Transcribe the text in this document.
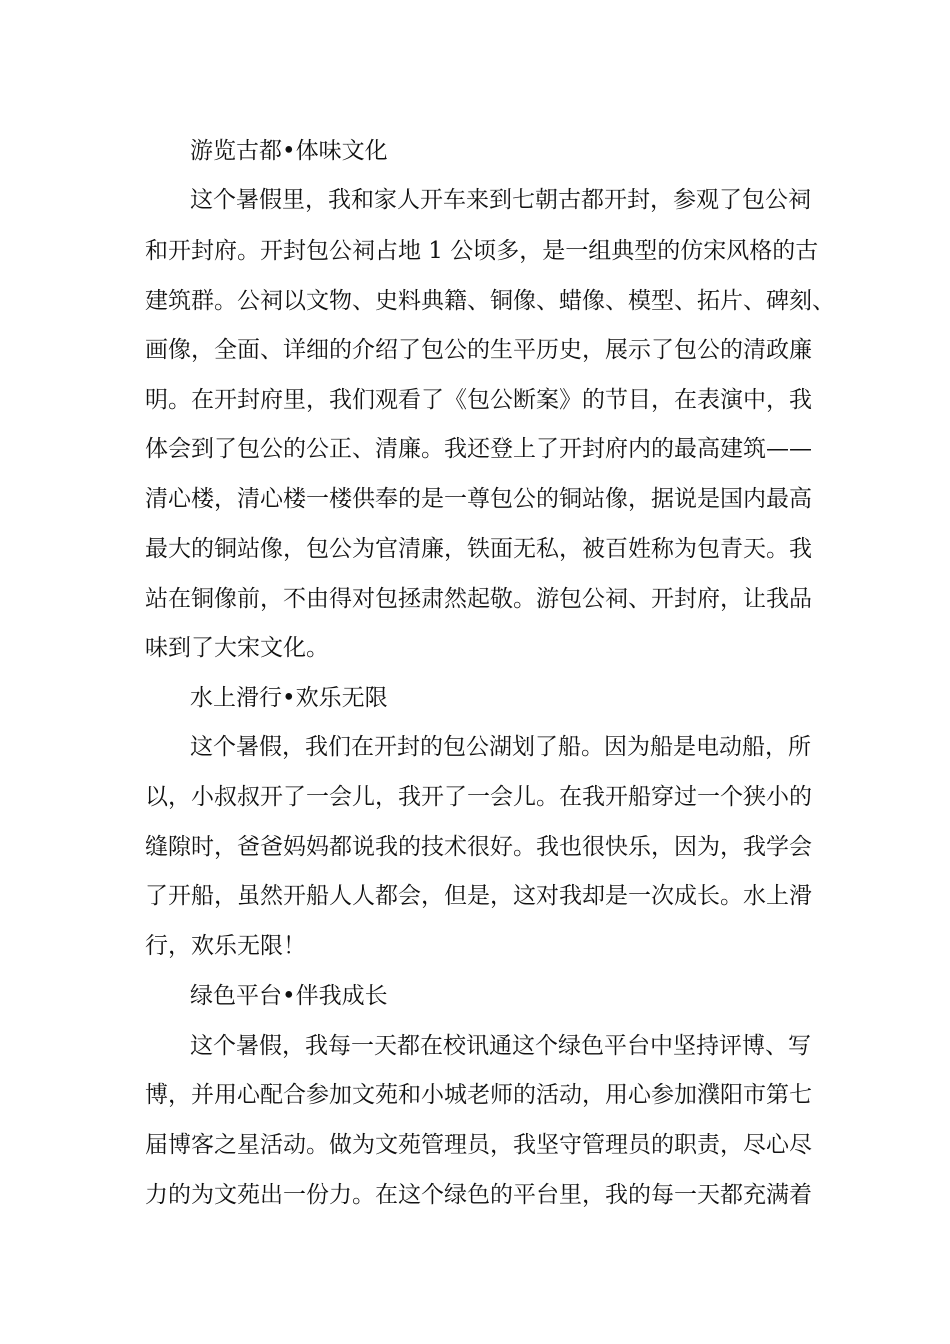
游览古都•体味文化
这个暑假里，我和家人开车来到七朝古都开封，参观了包公祠
和开封府。开封包公祠占地 1 公顷多，是一组典型的仿宋风格的古
建筑群。公祠以文物、史料典籍、铜像、蜡像、模型、拓片、碑刻、
画像，全面、详细的介绍了包公的生平历史，展示了包公的清政廉
明。在开封府里，我们观看了《包公断案》的节目，在表演中，我
体会到了包公的公正、清廉。我还登上了开封府内的最高建筑——
清心楼，清心楼一楼供奉的是一尊包公的铜站像，据说是国内最高
最大的铜站像，包公为官清廉，铁面无私，被百姓称为包青天。我
站在铜像前，不由得对包拯肃然起敬。游包公祠、开封府，让我品
味到了大宋文化。
水上滑行•欢乐无限
这个暑假，我们在开封的包公湖划了船。因为船是电动船，所
以，小叔叔开了一会儿，我开了一会儿。在我开船穿过一个狭小的
缝隙时，爸爸妈妈都说我的技术很好。我也很快乐，因为，我学会
了开船，虽然开船人人都会，但是，这对我却是一次成长。水上滑
行，欢乐无限！
绿色平台•伴我成长
这个暑假，我每一天都在校讯通这个绿色平台中坚持评博、写
博，并用心配合参加文苑和小城老师的活动，用心参加濮阳市第七
届博客之星活动。做为文苑管理员，我坚守管理员的职责，尽心尽
力的为文苑出一份力。在这个绿色的平台里，我的每一天都充满着
